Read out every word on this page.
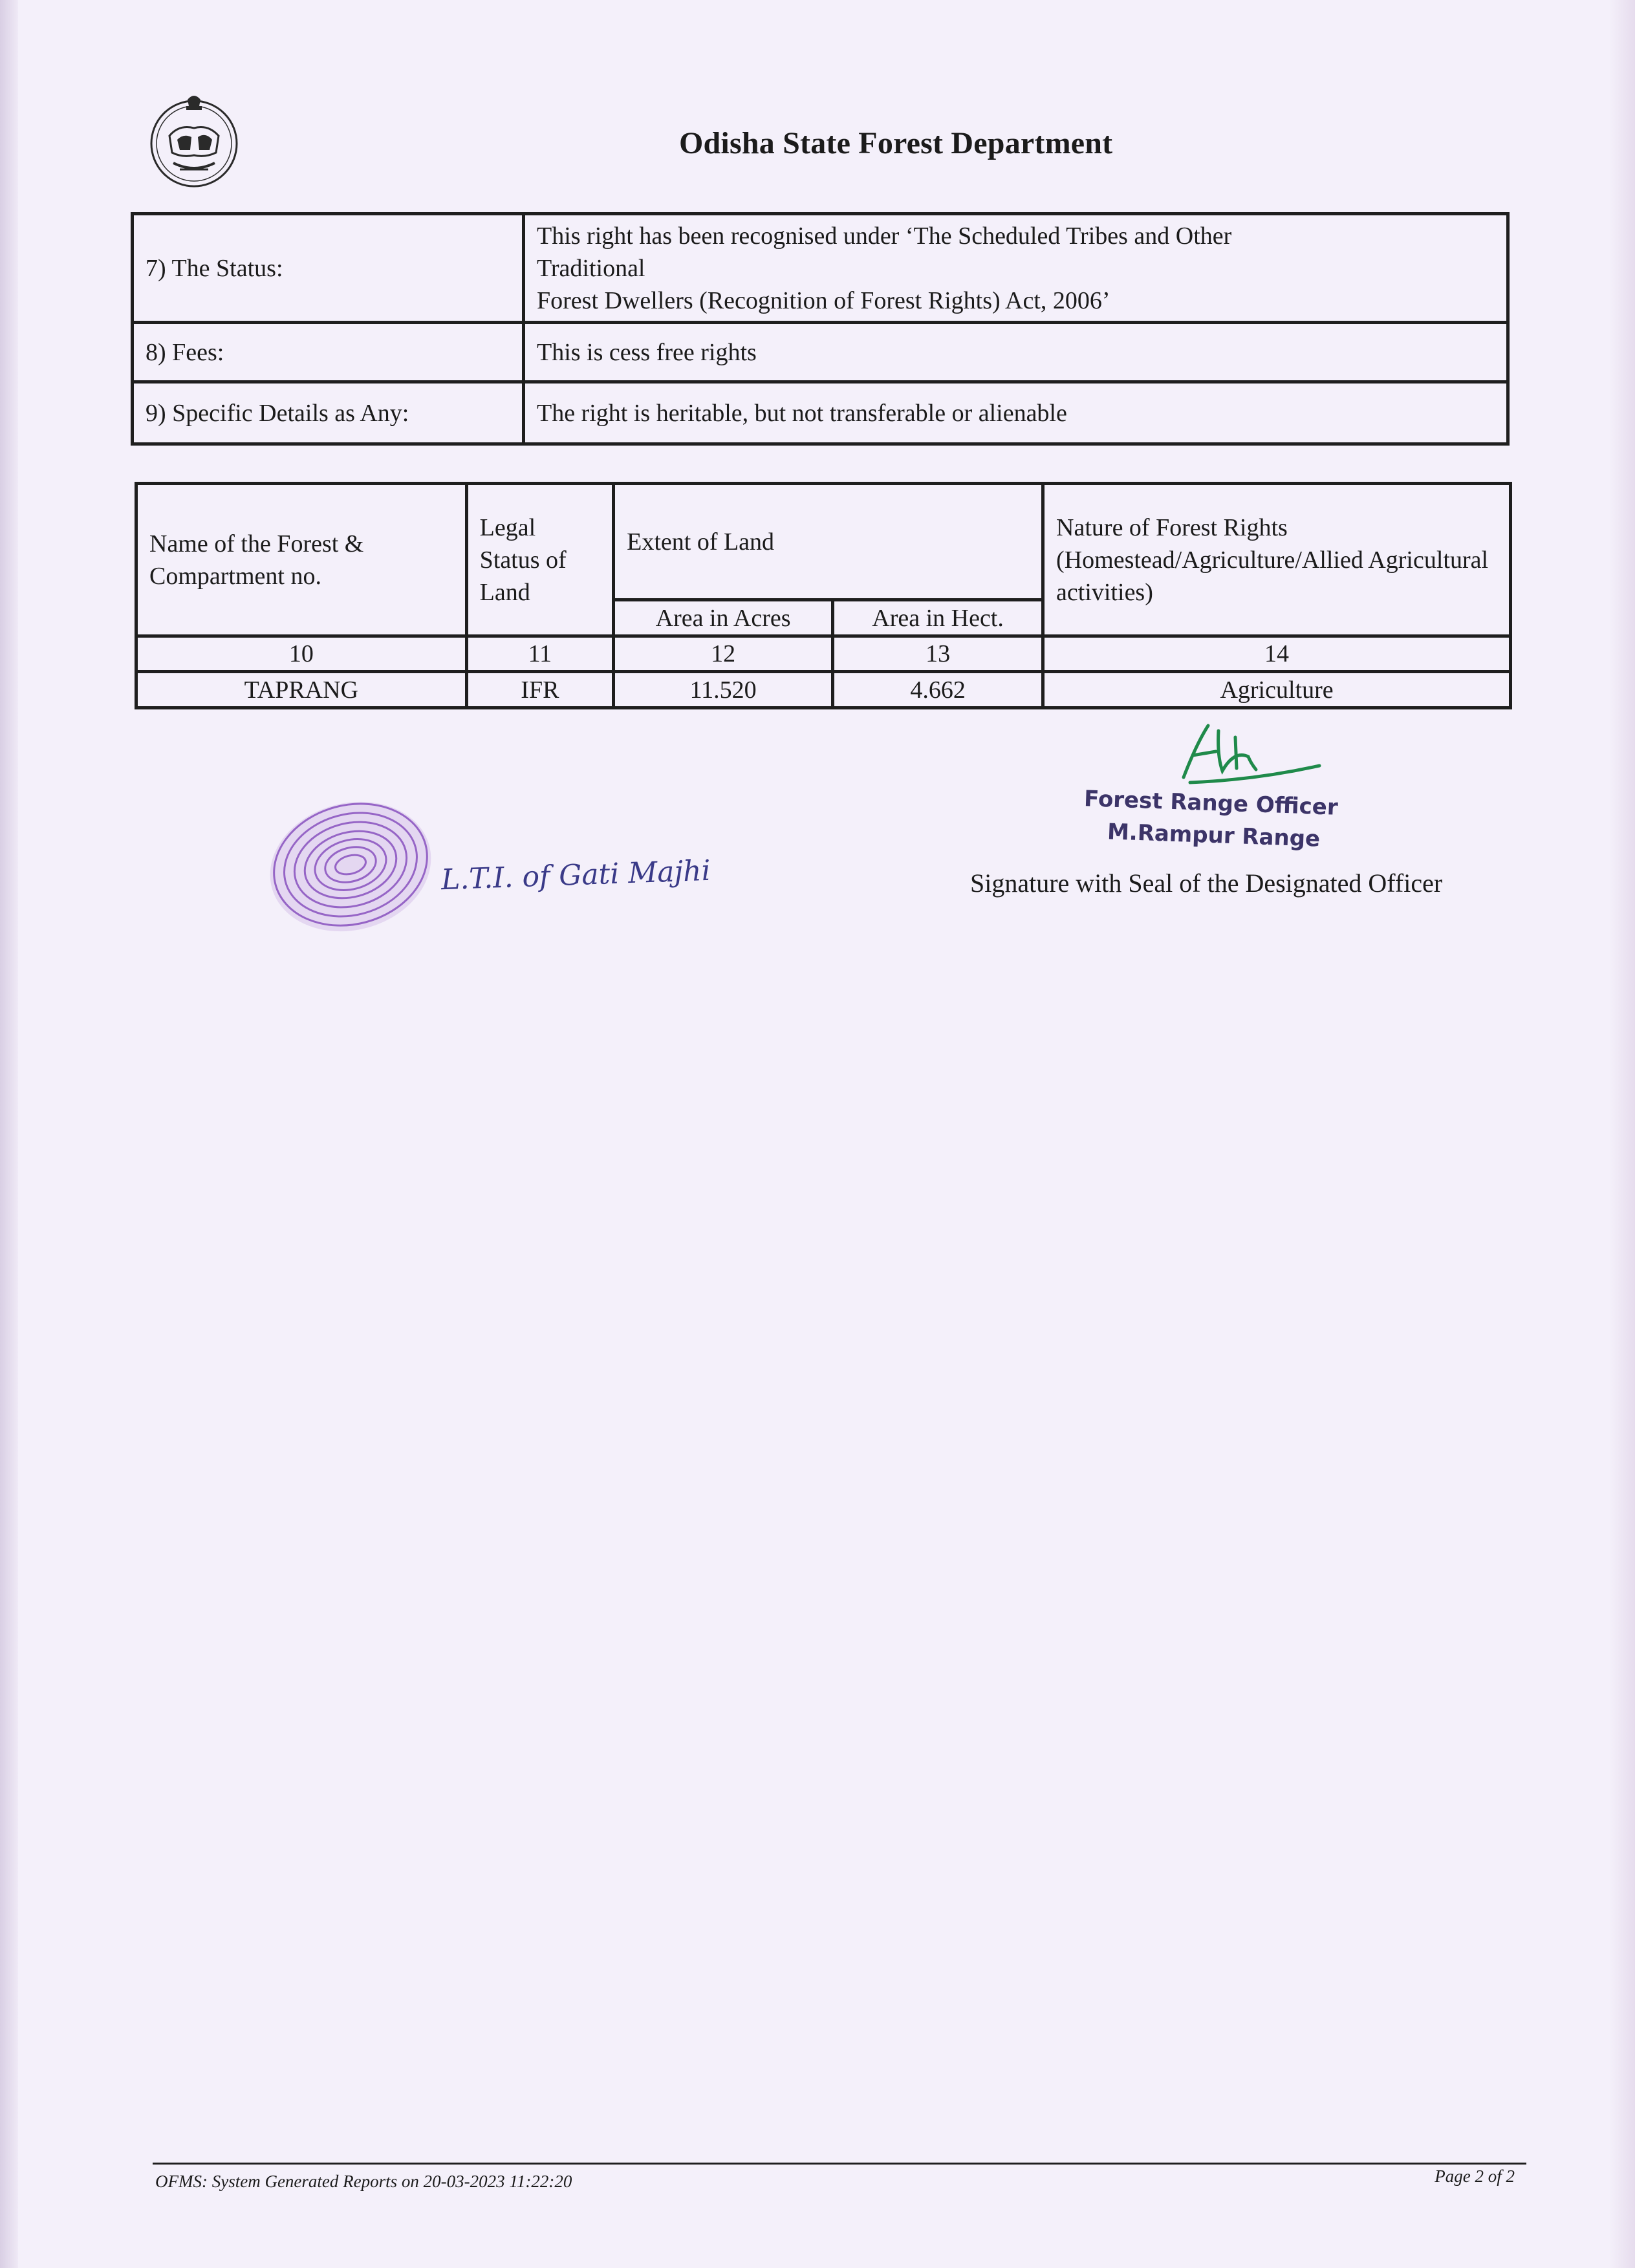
Odisha State Forest Department
7) The Status:	This right has been recognised under ‘The Scheduled Tribes and Other
Traditional
Forest Dwellers (Recognition of Forest Rights) Act, 2006’

8) Fees:	This is cess free rights
9) Specific Details as Any:	The right is heritable, but not transferable or alienable
Name of the Forest & Compartment no.	Legal Status of Land	Extent of Land		Nature of Forest Rights (Homestead/Agriculture/Allied Agricultural activities)
		Area in Acres	Area in Hect.	
10	11	12	13	14
TAPRANG	IFR	11.520	4.662	Agriculture
Forest Range Officer
M.Rampur Range
Signature with Seal of the Designated Officer
L.T.I. of Gati Majhi
OFMS: System Generated Reports on 20-03-2023 11:22:20	Page 2 of 2
